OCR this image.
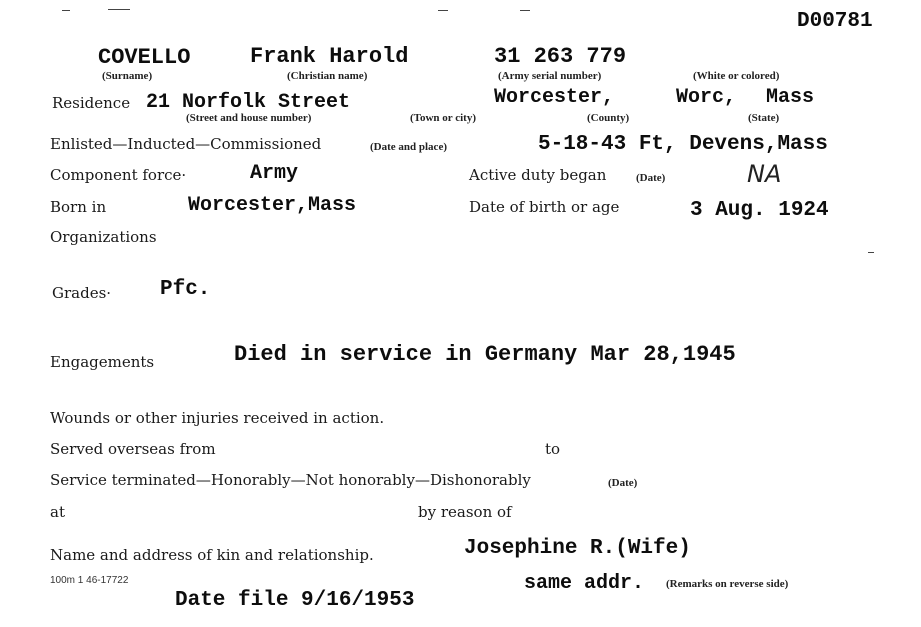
D00781
COVELLO	Frank Harold	31 263 779
(Surname)	(Christian name)	(Army serial number)	(White or colored)
Residence 21 Norfolk Street	Worcester,	Worc, Mass
(Street and house number)	(Town or city)	(County)	(State)
Enlisted—Inducted—Commissioned	(Date and place)	5-18-43 Ft, Devens,Mass
Component force·	Army	Active duty began	(Date)	NA
Born in	Worcester,Mass	Date of birth or age	3 Aug. 1924
Organizations
Grades· Pfc.
Engagements	Died in service in Germany Mar 28,1945
Wounds or other injuries received in action.
Served overseas from	to
Service terminated—Honorably—Not honorably—Dishonorably	(Date)
at	by reason of
Name and address of kin and relationship.	Josephine R.(Wife)
100m 1 46-17722	same addr. (Remarks on reverse side)
Date file 9/16/1953
